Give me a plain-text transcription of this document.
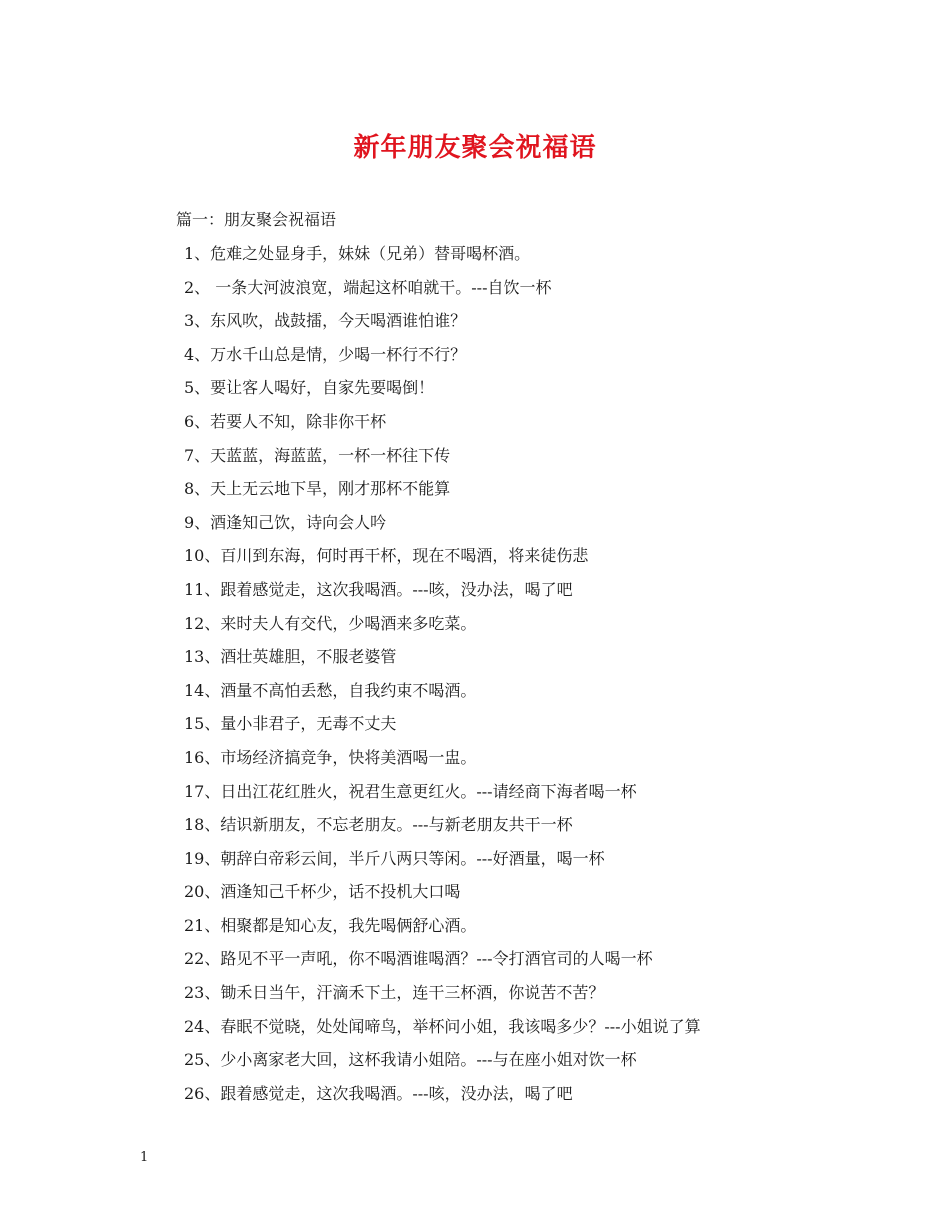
新年朋友聚会祝福语
篇一：朋友聚会祝福语
1、危难之处显身手，妹妹（兄弟）替哥喝杯酒。
2、 一条大河波浪宽，端起这杯咱就干。---自饮一杯
3、东风吹，战鼓擂，今天喝酒谁怕谁？
4、万水千山总是情，少喝一杯行不行？
5、要让客人喝好，自家先要喝倒！
6、若要人不知，除非你干杯
7、天蓝蓝，海蓝蓝，一杯一杯往下传
8、天上无云地下旱，刚才那杯不能算
9、酒逢知己饮，诗向会人吟
10、百川到东海，何时再干杯，现在不喝酒，将来徒伤悲
11、跟着感觉走，这次我喝酒。---咳，没办法，喝了吧
12、来时夫人有交代，少喝酒来多吃菜。
13、酒壮英雄胆，不服老婆管
14、酒量不高怕丢愁，自我约束不喝酒。
15、量小非君子，无毒不丈夫
16、市场经济搞竞争，快将美酒喝一盅。
17、日出江花红胜火，祝君生意更红火。---请经商下海者喝一杯
18、结识新朋友，不忘老朋友。---与新老朋友共干一杯
19、朝辞白帝彩云间，半斤八两只等闲。---好酒量，喝一杯
20、酒逢知己千杯少，话不投机大口喝
21、相聚都是知心友，我先喝俩舒心酒。
22、路见不平一声吼，你不喝酒谁喝酒？---令打酒官司的人喝一杯
23、锄禾日当午，汗滴禾下土，连干三杯酒，你说苦不苦？
24、春眠不觉晓，处处闻啼鸟，举杯问小姐，我该喝多少？---小姐说了算
25、少小离家老大回，这杯我请小姐陪。---与在座小姐对饮一杯
26、跟着感觉走，这次我喝酒。---咳，没办法，喝了吧
1
